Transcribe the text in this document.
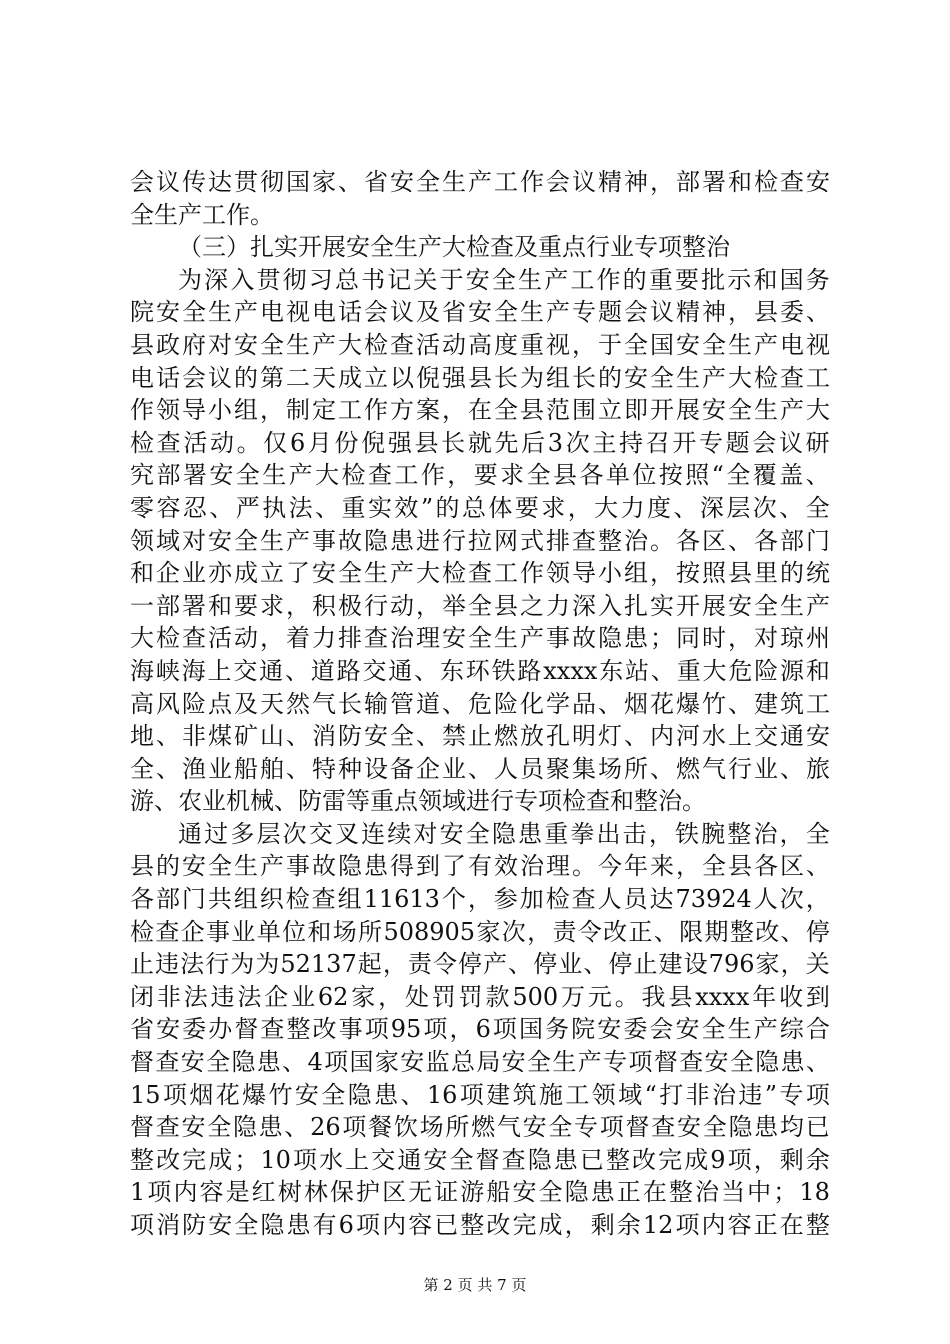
会 议 传 达 贯 彻 国 家 、 省 安 全 生 产 工 作 会 议 精 神 ， 部 署 和 检 查 安
全生产工作。
（三）扎实开展安全生产大检查及重点行业专项整治
为 深 入 贯 彻 习 总 书 记 关 于 安 全 生 产 工 作 的 重 要 批 示 和 国 务
院 安 全 生 产 电 视 电 话 会 议 及 省 安 全 生 产 专 题 会 议 精 神 ， 县 委 、
县 政 府 对 安 全 生 产 大 检 查 活 动 高 度 重 视 ， 于 全 国 安 全 生 产 电 视
电 话 会 议 的 第 二 天 成 立 以 倪 强 县 长 为 组 长 的 安 全 生 产 大 检 查 工
作 领 导 小 组 ， 制 定 工 作 方 案 ， 在 全 县 范 围 立 即 开 展 安 全 生 产 大
检 查 活 动 。 仅 6 月 份 倪 强 县 长 就 先 后 3 次 主 持 召 开 专 题 会 议 研
究 部 署 安 全 生 产 大 检 查 工 作 ， 要 求 全 县 各 单 位 按 照 “ 全 覆 盖 、
零 容 忍 、 严 执 法 、 重 实 效 ” 的 总 体 要 求 ， 大 力 度 、 深 层 次 、 全
领 域 对 安 全 生 产 事 故 隐 患 进 行 拉 网 式 排 查 整 治 。 各 区 、 各 部 门
和 企 业 亦 成 立 了 安 全 生 产 大 检 查 工 作 领 导 小 组 ， 按 照 县 里 的 统
一 部 署 和 要 求 ， 积 极 行 动 ， 举 全 县 之 力 深 入 扎 实 开 展 安 全 生 产
大 检 查 活 动 ， 着 力 排 查 治 理 安 全 生 产 事 故 隐 患 ； 同 时 ， 对 琼 州
海 峡 海 上 交 通 、 道 路 交 通 、 东 环 铁 路 xxxx 东 站 、 重 大 危 险 源 和
高 风 险 点 及 天 然 气 长 输 管 道 、 危 险 化 学 品 、 烟 花 爆 竹 、 建 筑 工
地 、 非 煤 矿 山 、 消 防 安 全 、 禁 止 燃 放 孔 明 灯 、 内 河 水 上 交 通 安
全 、 渔 业 船 舶 、 特 种 设 备 企 业 、 人 员 聚 集 场 所 、 燃 气 行 业 、 旅
游、农业机械、防雷等重点领域进行专项检查和整治。
通 过 多 层 次 交 叉 连 续 对 安 全 隐 患 重 拳 出 击 ， 铁 腕 整 治 ， 全
县 的 安 全 生 产 事 故 隐 患 得 到 了 有 效 治 理 。 今 年 来 ， 全 县 各 区 、
各 部 门 共 组 织 检 查 组 11613 个 ， 参 加 检 查 人 员 达 73924 人 次 ，
检 查 企 事 业 单 位 和 场 所 508905 家 次 ， 责 令 改 正 、 限 期 整 改 、 停
止 违 法 行 为 为 52137 起 ， 责 令 停 产 、 停 业 、 停 止 建 设 796 家 ， 关
闭 非 法 违 法 企 业 62 家 ， 处 罚 罚 款 500 万 元 。 我 县 xxxx 年 收 到
省 安 委 办 督 查 整 改 事 项 95 项 ， 6 项 国 务 院 安 委 会 安 全 生 产 综 合
督 查 安 全 隐 患 、 4 项 国 家 安 监 总 局 安 全 生 产 专 项 督 查 安 全 隐 患 、
15 项 烟 花 爆 竹 安 全 隐 患 、 16 项 建 筑 施 工 领 域 “ 打 非 治 违 ” 专 项
督 查 安 全 隐 患 、 26 项 餐 饮 场 所 燃 气 安 全 专 项 督 查 安 全 隐 患 均 已
整 改 完 成 ； 10 项 水 上 交 通 安 全 督 查 隐 患 已 整 改 完 成 9 项 ， 剩 余
1 项 内 容 是 红 树 林 保 护 区 无 证 游 船 安 全 隐 患 正 在 整 治 当 中 ； 18
项 消 防 安 全 隐 患 有 6 项 内 容 已 整 改 完 成 ， 剩 余 12 项 内 容 正 在 整
第 2 页 共 7 页
